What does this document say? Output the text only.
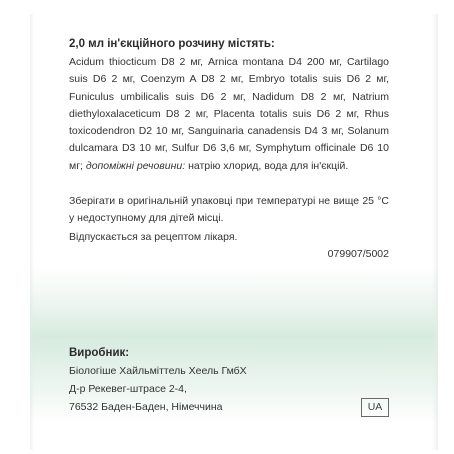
2,0 мл ін'єкційного розчину містять:

Acidum thiocticum D8 2 мг, Arnica montana D4 200 мг, Cartilago suis D6 2 мг, Coenzym A D8 2 мг, Embryo totalis suis D6 2 мг, Funiculus umbilicalis suis D6 2 мг, Nadidum D8 2 мг, Natrium diethyloxalaceticum D8 2 мг, Placenta totalis suis D6 2 мг, Rhus toxicodendron D2 10 мг, Sanguinaria canadensis D4 3 мг, Solanum dulcamara D3 10 мг, Sulfur D6 3,6 мг, Symphytum officinale D6 10 мг; допоміжні речовини: натрію хлорид, вода для ін'єкцій.

Зберігати в оригінальній упаковці при температурі не вище 25 °С у недоступному для дітей місці.

Відпускається за рецептом лікаря.
079907/5002
Виробник:
Біологіше Хайльміттель Хеель ГмбХ
Д-р Рекевег-штрасе 2-4,
76532 Баден-Баден, Німеччина	UA
